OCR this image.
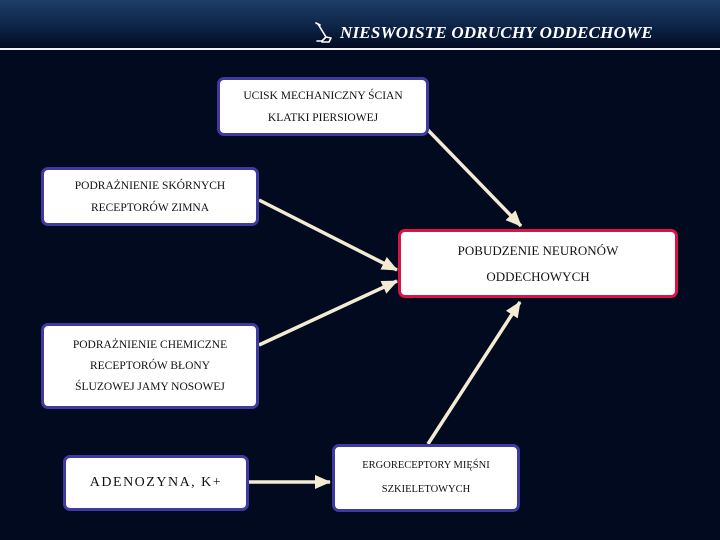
NIESWOISTE ODRUCHY ODDECHOWE
UCISK MECHANICZNY ŚCIAN
KLATKI PIERSIOWEJ
PODRAŻNIENIE SKÓRNYCH
RECEPTORÓW ZIMNA
POBUDZENIE NEURONÓW
ODDECHOWYCH
PODRAŻNIENIE CHEMICZNE
RECEPTORÓW BŁONY
ŚLUZOWEJ JAMY NOSOWEJ
ADENOZYNA, K+
ERGORECEPTORY MIĘŚNI
SZKIELETOWYCH
